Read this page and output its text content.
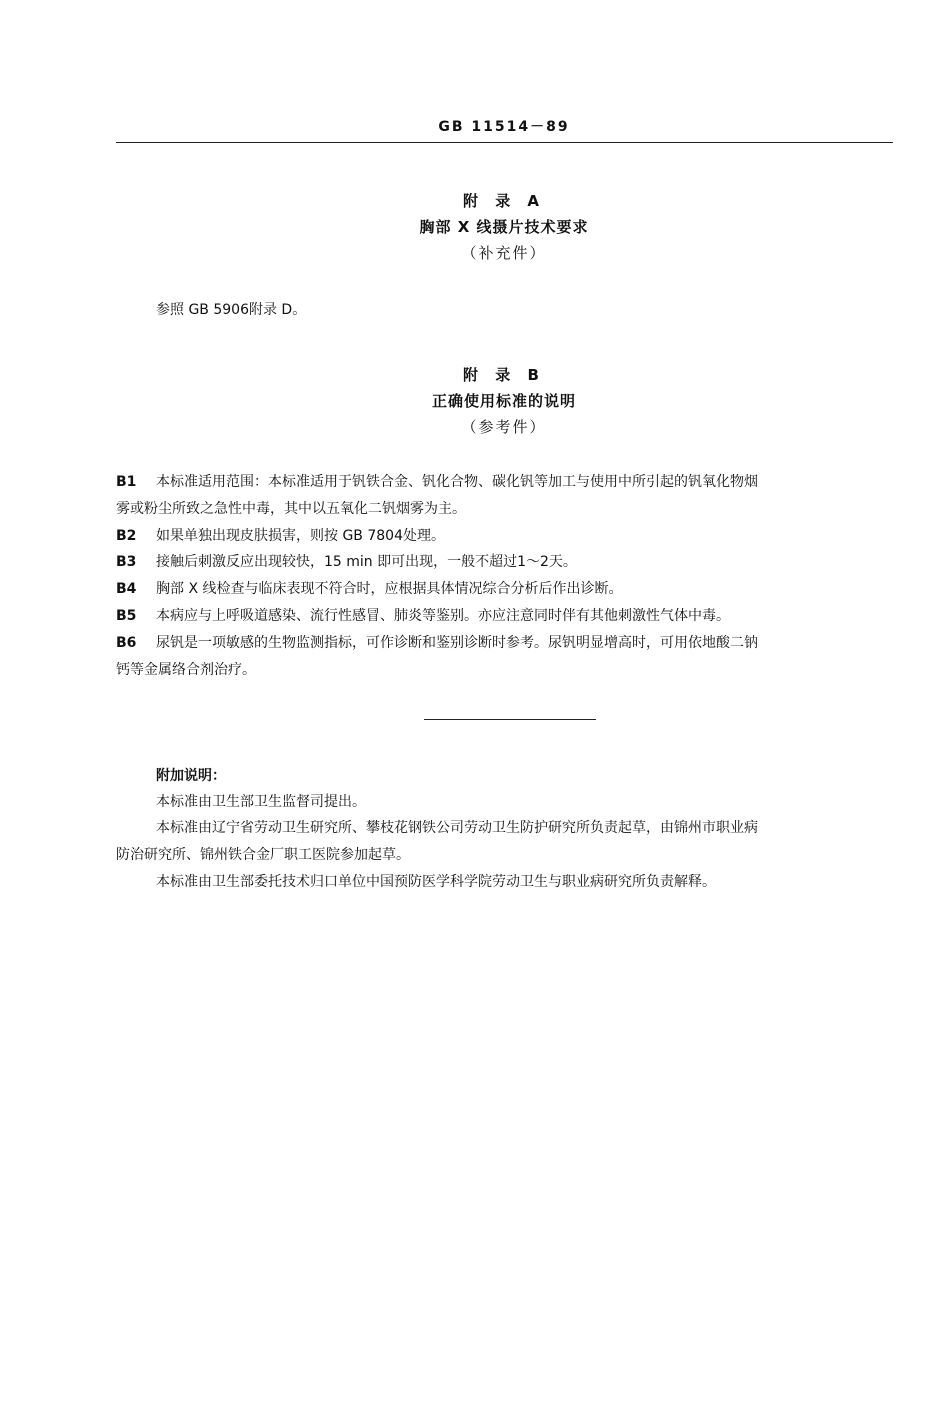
GB 11514－89
附 录 A
胸部 X 线摄片技术要求
（补充件）
参照 GB 5906附录 D。
附 录 B
正确使用标准的说明
（参考件）
B1 本标准适用范围：本标准适用于钒铁合金、钒化合物、碳化钒等加工与使用中所引起的钒氧化物烟
雾或粉尘所致之急性中毒，其中以五氧化二钒烟雾为主。
B2 如果单独出现皮肤损害，则按 GB 7804处理。
B3 接触后刺激反应出现较快，15 min 即可出现，一般不超过1～2天。
B4 胸部 X 线检查与临床表现不符合时，应根据具体情况综合分析后作出诊断。
B5 本病应与上呼吸道感染、流行性感冒、肺炎等鉴别。亦应注意同时伴有其他刺激性气体中毒。
B6 尿钒是一项敏感的生物监测指标，可作诊断和鉴别诊断时参考。尿钒明显增高时，可用依地酸二钠
钙等金属络合剂治疗。
附加说明：
本标准由卫生部卫生监督司提出。
本标准由辽宁省劳动卫生研究所、攀枝花钢铁公司劳动卫生防护研究所负责起草，由锦州市职业病
防治研究所、锦州铁合金厂职工医院参加起草。
本标准由卫生部委托技术归口单位中国预防医学科学院劳动卫生与职业病研究所负责解释。
